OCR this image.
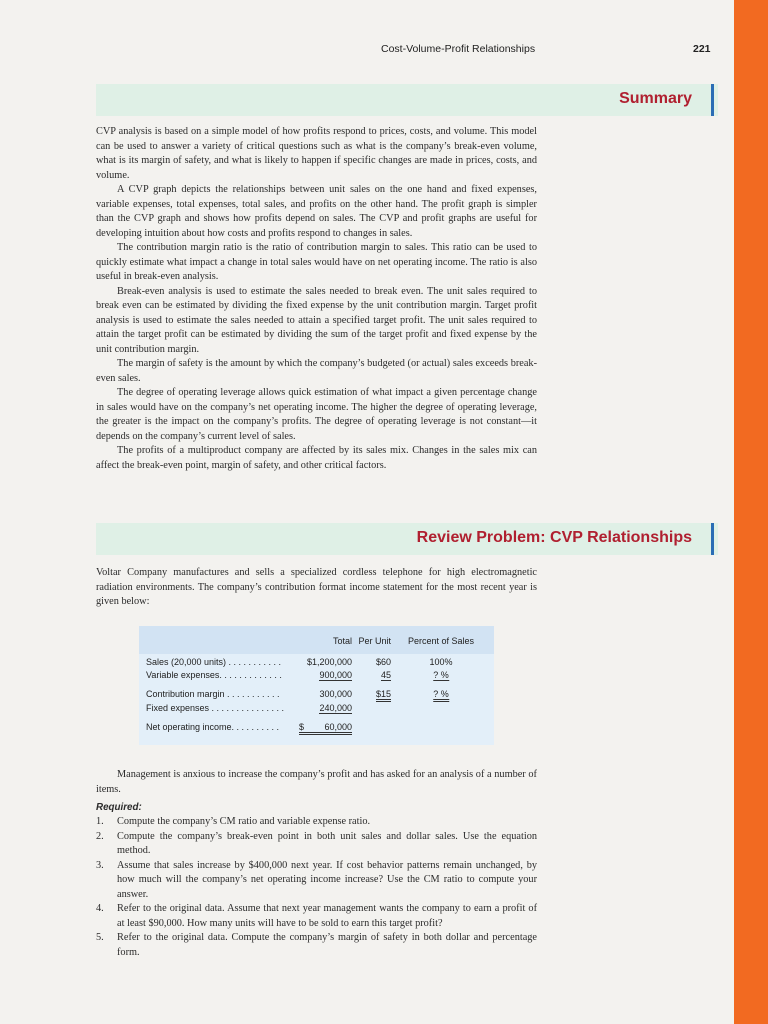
Cost-Volume-Profit Relationships	221
Summary

CVP analysis is based on a simple model of how profits respond to prices, costs, and volume. This model can be used to answer a variety of critical questions such as what is the company’s break-even volume, what is its margin of safety, and what is likely to happen if specific changes are made in prices, costs, and volume.

A CVP graph depicts the relationships between unit sales on the one hand and fixed expenses, variable expenses, total expenses, total sales, and profits on the other hand. The profit graph is simpler than the CVP graph and shows how profits depend on sales. The CVP and profit graphs are useful for developing intuition about how costs and profits respond to changes in sales.

The contribution margin ratio is the ratio of contribution margin to sales. This ratio can be used to quickly estimate what impact a change in total sales would have on net operating income. The ratio is also useful in break-even analysis.

Break-even analysis is used to estimate the sales needed to break even. The unit sales required to break even can be estimated by dividing the fixed expense by the unit contribution margin. Target profit analysis is used to estimate the sales needed to attain a specified target profit. The unit sales required to attain the target profit can be estimated by dividing the sum of the target profit and fixed expense by the unit contribution margin.

The margin of safety is the amount by which the company’s budgeted (or actual) sales exceeds break-even sales.

The degree of operating leverage allows quick estimation of what impact a given percentage change in sales would have on the company’s net operating income. The higher the degree of operating leverage, the greater is the impact on the company’s profits. The degree of operating leverage is not constant—it depends on the company’s current level of sales.

The profits of a multiproduct company are affected by its sales mix. Changes in the sales mix can affect the break-even point, margin of safety, and other critical factors.

Review Problem: CVP Relationships

Voltar Company manufactures and sells a specialized cordless telephone for high electromagnetic radiation environments. The company’s contribution format income statement for the most recent year is given below:

Total Per Unit Percent of Sales
Sales (20,000 units) . . . . . . . . . . .	$1,200,000	$60	100%
Variable expenses. . . . . . . . . . . . .	900,000	45	? %
Contribution margin . . . . . . . . . . .	300,000	$15	? %
Fixed expenses . . . . . . . . . . . . . . .	240,000
Net operating income. . . . . . . . . . $ 60,000

Management is anxious to increase the company’s profit and has asked for an analysis of a number of items.

Required:
1. Compute the company’s CM ratio and variable expense ratio.
2. Compute the company’s break-even point in both unit sales and dollar sales. Use the equation method.
3. Assume that sales increase by $400,000 next year. If cost behavior patterns remain unchanged, by how much will the company’s net operating income increase? Use the CM ratio to compute your answer.
4. Refer to the original data. Assume that next year management wants the company to earn a profit of at least $90,000. How many units will have to be sold to earn this target profit?
5. Refer to the original data. Compute the company’s margin of safety in both dollar and percentage form.
